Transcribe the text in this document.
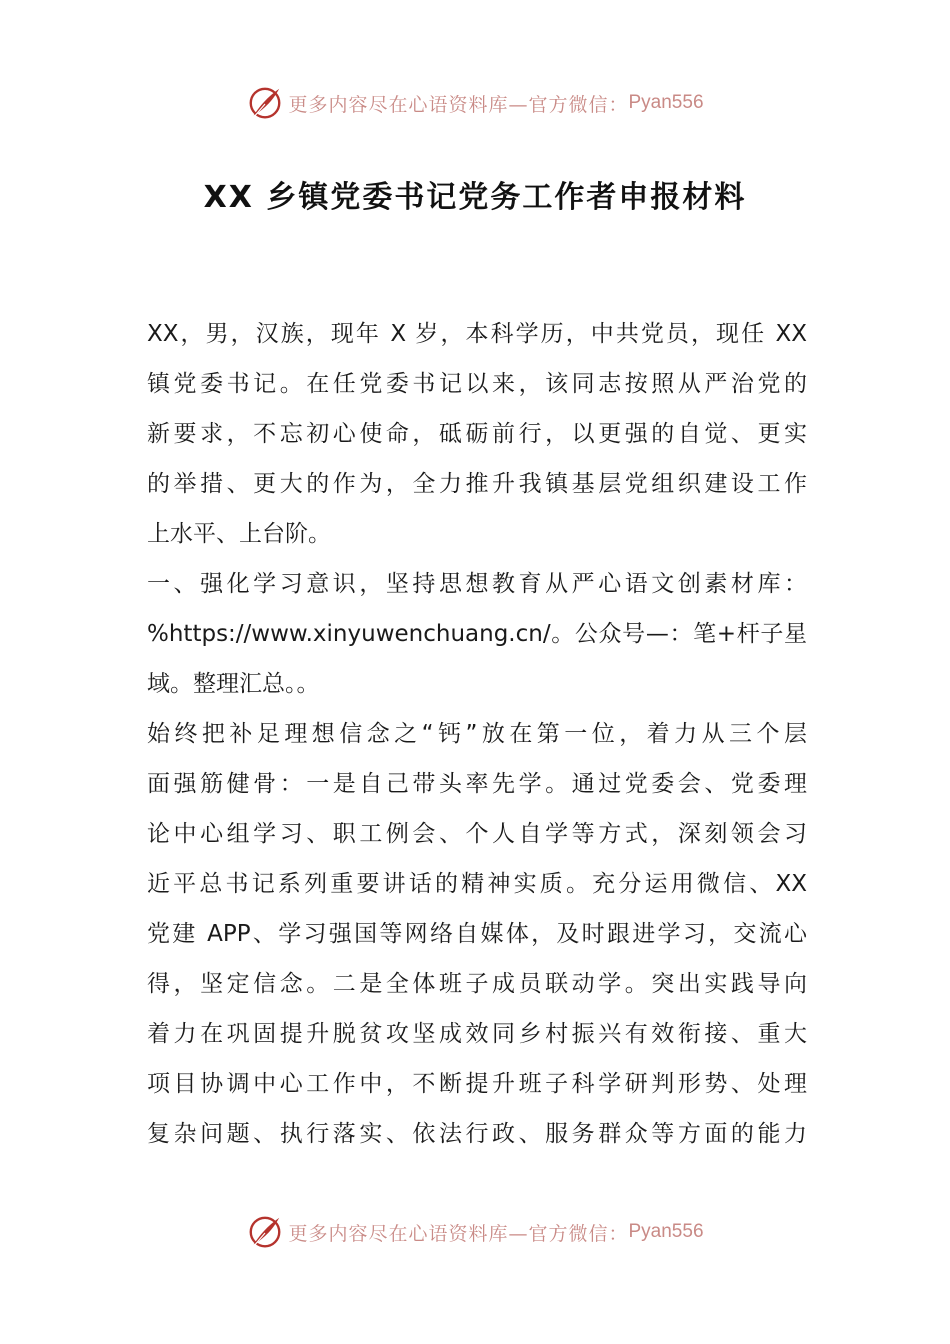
更多内容尽在心语资料库—官方微信： Pyan556
XX 乡镇党委书记党务工作者申报材料
XX，男，汉族，现年 X 岁，本科学历，中共党员，现任 XX
镇党委书记。在任党委书记以来，该同志按照从严治党的
新要求，不忘初心使命，砥砺前行，以更强的自觉、更实
的举措、更大的作为，全力推升我镇基层党组织建设工作
上水平、上台阶。
一、强化学习意识，坚持思想教育从严心语文创素材库：
%https://www.xinyuwenchuang.cn/。公众号—：笔+杆子星
域。整理汇总。。
始终把补足理想信念之“钙”放在第一位，着力从三个层
面强筋健骨：一是自己带头率先学。通过党委会、党委理
论中心组学习、职工例会、个人自学等方式，深刻领会习
近平总书记系列重要讲话的精神实质。充分运用微信、XX
党建 APP、学习强国等网络自媒体，及时跟进学习，交流心
得，坚定信念。二是全体班子成员联动学。突出实践导向
着力在巩固提升脱贫攻坚成效同乡村振兴有效衔接、重大
项目协调中心工作中，不断提升班子科学研判形势、处理
复杂问题、执行落实、依法行政、服务群众等方面的能力
更多内容尽在心语资料库—官方微信： Pyan556
